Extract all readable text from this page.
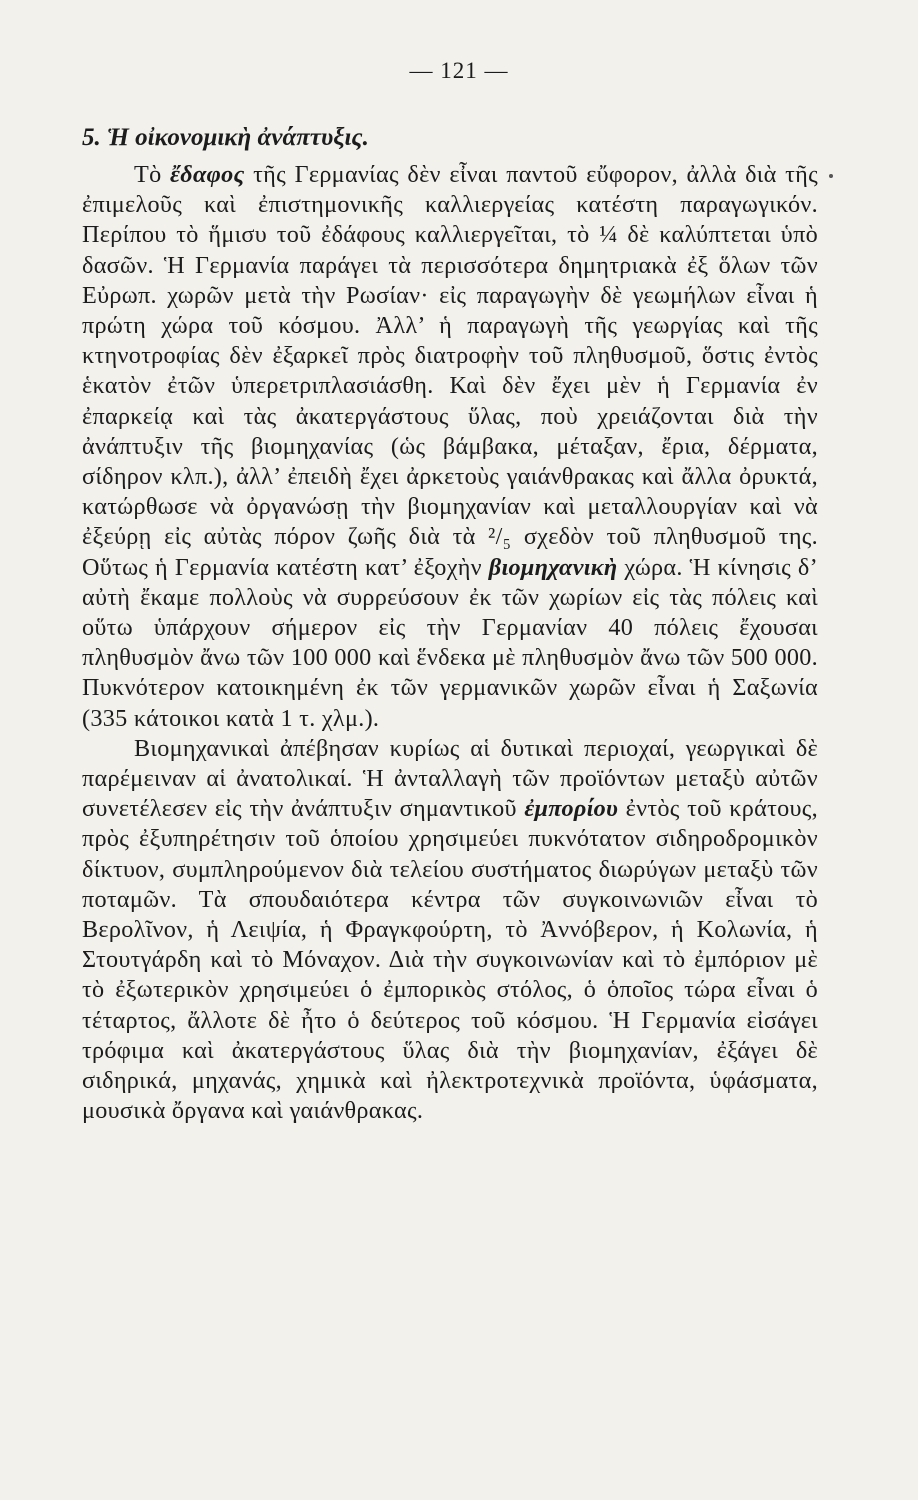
— 121 —
5. Ἡ οἰκονομικὴ ἀνάπτυξις.

Τὸ ἔδαφος τῆς Γερμανίας δὲν εἶναι παντοῦ εὔφορον, ἀλλὰ διὰ τῆς ἐπιμελοῦς καὶ ἐπιστημονικῆς καλλιεργείας κατέστη παραγωγικόν. Περίπου τὸ ἥμισυ τοῦ ἐδάφους καλλιεργεῖται, τὸ ¼ δὲ καλύπτεται ὑπὸ δασῶν. Ἡ Γερμανία παράγει τὰ περισσότερα δημητριακὰ ἐξ ὅλων τῶν Εὐρωπ. χωρῶν μετὰ τὴν Ρωσίαν· εἰς παραγωγὴν δὲ γεωμήλων εἶναι ἡ πρώτη χώρα τοῦ κόσμου. Ἀλλ’ ἡ παραγωγὴ τῆς γεωργίας καὶ τῆς κτηνοτροφίας δὲν ἐξαρκεῖ πρὸς διατροφὴν τοῦ πληθυσμοῦ, ὅστις ἐντὸς ἑκατὸν ἐτῶν ὑπερετριπλασιάσθη. Καὶ δὲν ἔχει μὲν ἡ Γερμανία ἐν ἐπαρκείᾳ καὶ τὰς ἀκατεργάστους ὕλας, ποὺ χρειάζονται διὰ τὴν ἀνάπτυξιν τῆς βιομηχανίας (ὡς βάμβακα, μέταξαν, ἔρια, δέρματα, σίδηρον κλπ.), ἀλλ’ ἐπειδὴ ἔχει ἀρκετοὺς γαιάνθρακας καὶ ἄλλα ὀρυκτά, κατώρθωσε νὰ ὀργανώσῃ τὴν βιομηχανίαν καὶ μεταλλουργίαν καὶ νὰ ἐξεύρῃ εἰς αὐτὰς πόρον ζωῆς διὰ τὰ ²/₅ σχεδὸν τοῦ πληθυσμοῦ της. Οὕτως ἡ Γερμανία κατέστη κατ’ ἐξοχὴν βιομηχανικὴ χώρα. Ἡ κίνησις δ’ αὐτὴ ἔκαμε πολλοὺς νὰ συρρεύσουν ἐκ τῶν χωρίων εἰς τὰς πόλεις καὶ οὕτω ὑπάρχουν σήμερον εἰς τὴν Γερμανίαν 40 πόλεις ἔχουσαι πληθυσμὸν ἄνω τῶν 100 000 καὶ ἕνδεκα μὲ πληθυσμὸν ἄνω τῶν 500 000. Πυκνότερον κατοικημένη ἐκ τῶν γερμανικῶν χωρῶν εἶναι ἡ Σαξωνία (335 κάτοικοι κατὰ 1 τ. χλμ.).

Βιομηχανικαὶ ἀπέβησαν κυρίως αἱ δυτικαὶ περιοχαί, γεωργικαὶ δὲ παρέμειναν αἱ ἀνατολικαί. Ἡ ἀνταλλαγὴ τῶν προϊόντων μεταξὺ αὐτῶν συνετέλεσεν εἰς τὴν ἀνάπτυξιν σημαντικοῦ ἐμπορίου ἐντὸς τοῦ κράτους, πρὸς ἐξυπηρέτησιν τοῦ ὁποίου χρησιμεύει πυκνότατον σιδηροδρομικὸν δίκτυον, συμπληρούμενον διὰ τελείου συστήματος διωρύγων μεταξὺ τῶν ποταμῶν. Τὰ σπουδαιότερα κέντρα τῶν συγκοινωνιῶν εἶναι τὸ Βερολῖνον, ἡ Λειψία, ἡ Φραγκφούρτη, τὸ Ἀννόβερον, ἡ Κολωνία, ἡ Στουτγάρδη καὶ τὸ Μόναχον. Διὰ τὴν συγκοινωνίαν καὶ τὸ ἐμπόριον μὲ τὸ ἐξωτερικὸν χρησιμεύει ὁ ἐμπορικὸς στόλος, ὁ ὁποῖος τώρα εἶναι ὁ τέταρτος, ἄλλοτε δὲ ἦτο ὁ δεύτερος τοῦ κόσμου. Ἡ Γερμανία εἰσάγει τρόφιμα καὶ ἀκατεργάστους ὕλας διὰ τὴν βιομηχανίαν, ἐξάγει δὲ σιδηρικά, μηχανάς, χημικὰ καὶ ἠλεκτροτεχνικὰ προϊόντα, ὑφάσματα, μουσικὰ ὄργανα καὶ γαιάνθρακας.
